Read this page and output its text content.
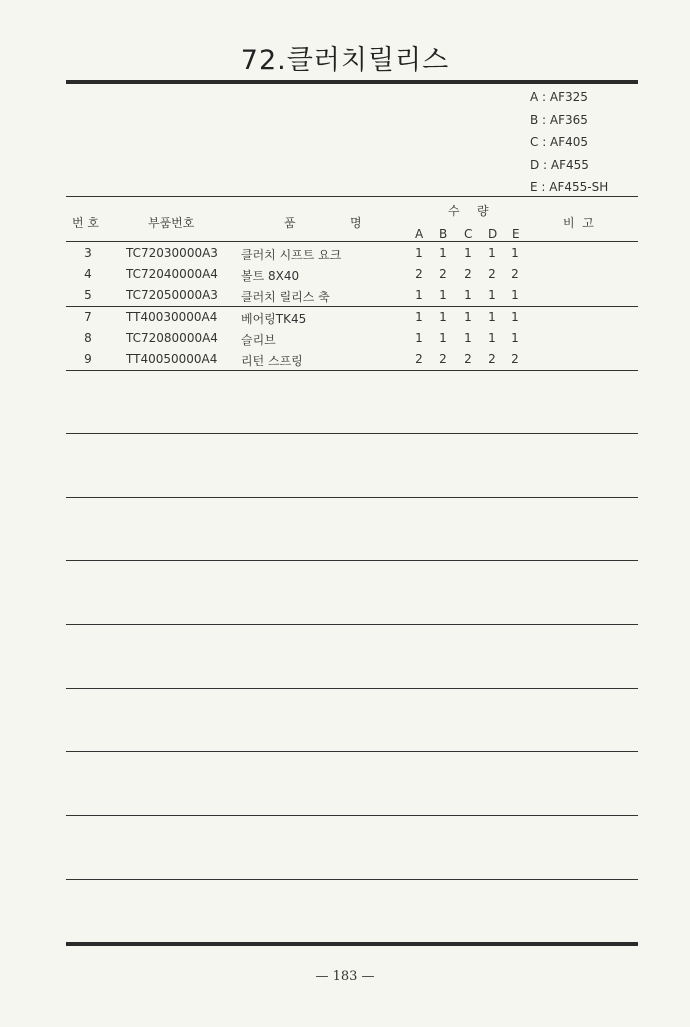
72.클러치릴리스
A : AF325
B : AF365
C : AF405
D : AF455
E : AF455-SH
번 호	부품번호	품	명
수 량
A B C D E
비  고
3	TC72030000A3 클러치 시프트 요크	1 1 1 1 1
4	TC72040000A4 볼트 8X40	2 2 2 2 2
5	TC72050000A3 클러치 릴리스 축	1 1 1 1 1
7	TT40030000A4 베어링TK45	1 1 1 1 1
8	TC72080000A4 슬리브	1 1 1 1 1
9	TT40050000A4 리턴 스프링	2 2 2 2 2
— 183 —
